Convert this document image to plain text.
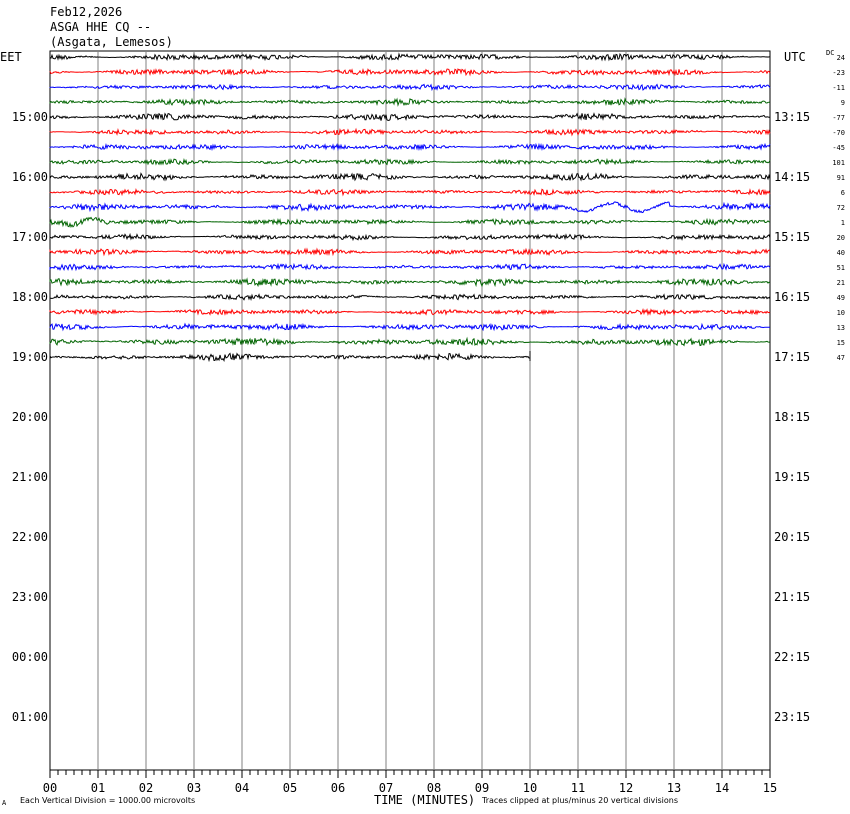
Feb12,2026
ASGA HHE CQ --
(Asgata, Lemesos)
EET	UTC	DC
TIME (MINUTES)
Each Vertical Division = 1000.00 microvolts	Traces clipped at plus/minus 20 vertical divisions
A
00	01	02	03	04	05	06	07	08	09	10	11	12	13	14	15
15:00
16:00
17:00
18:00
19:00
20:00
21:00
22:00
23:00
00:00
01:00
13:15
14:15
15:15
16:15
17:15
18:15
19:15
20:15
21:15
22:15
23:15
24
-23
-11
9
-77
-70
-45
101
91
6
72
1
20
40
51
21
49
10
13
15
47
